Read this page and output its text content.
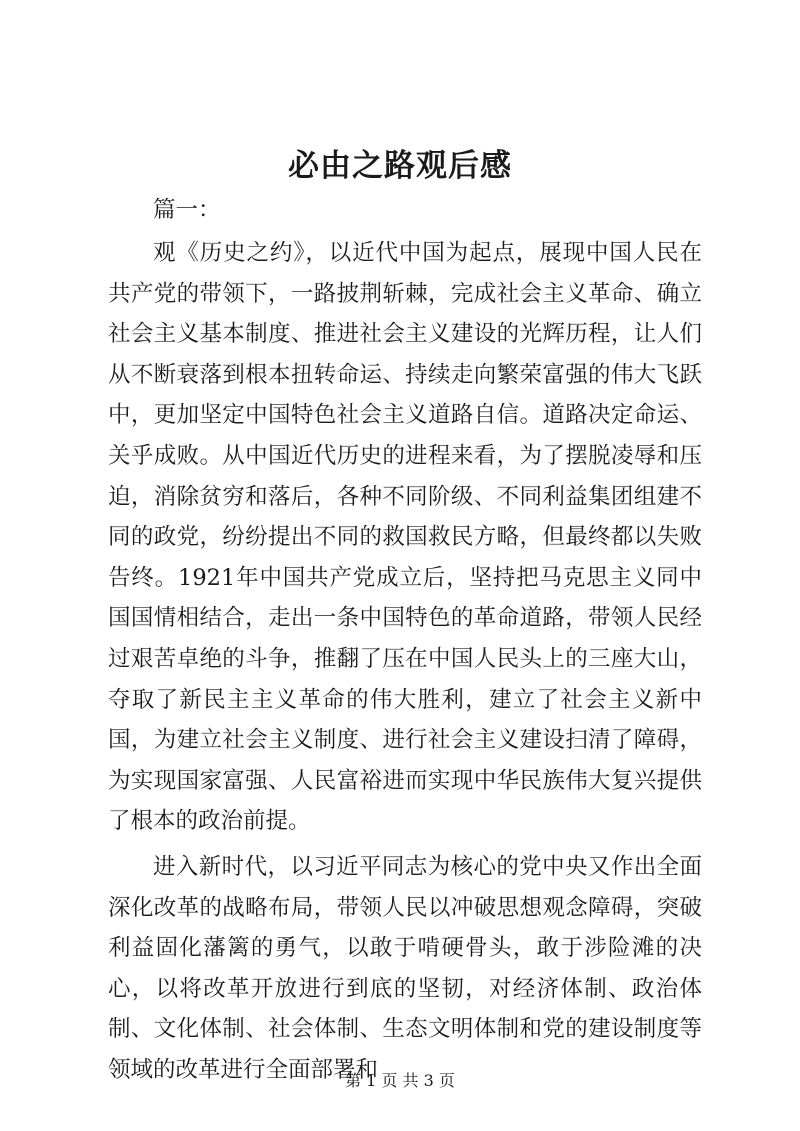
必由之路观后感

篇一：

观《历史之约》，以近代中国为起点，展现中国人民在共产党的带领下，一路披荆斩棘，完成社会主义革命、确立社会主义基本制度、推进社会主义建设的光辉历程，让人们从不断衰落到根本扭转命运、持续走向繁荣富强的伟大飞跃中，更加坚定中国特色社会主义道路自信。道路决定命运、关乎成败。从中国近代历史的进程来看，为了摆脱凌辱和压迫，消除贫穷和落后，各种不同阶级、不同利益集团组建不同的政党，纷纷提出不同的救国救民方略，但最终都以失败告终。1921年中国共产党成立后，坚持把马克思主义同中国国情相结合，走出一条中国特色的革命道路，带领人民经过艰苦卓绝的斗争，推翻了压在中国人民头上的三座大山，夺取了新民主主义革命的伟大胜利，建立了社会主义新中国，为建立社会主义制度、进行社会主义建设扫清了障碍，为实现国家富强、人民富裕进而实现中华民族伟大复兴提供了根本的政治前提。

进入新时代，以习近平同志为核心的党中央又作出全面深化改革的战略布局，带领人民以冲破思想观念障碍，突破利益固化藩篱的勇气，以敢于啃硬骨头，敢于涉险滩的决心，以将改革开放进行到底的坚韧，对经济体制、政治体制、文化体制、社会体制、生态文明体制和党的建设制度等领域的改革进行全面部署和

第 1 页 共 3 页
